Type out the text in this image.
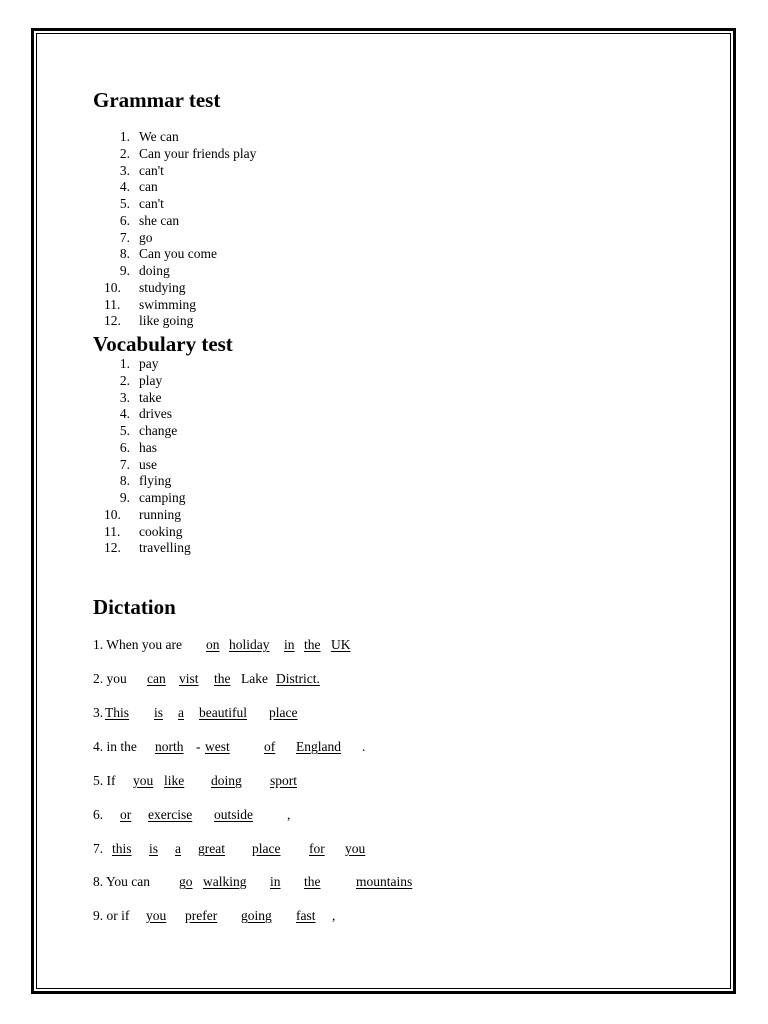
Grammar test
1. We can
2. Can your friends play
3. can't
4. can
5. can't
6. she can
7. go
8. Can you come
9. doing
10.	studying
11.	swimming
12.	like going
Vocabulary test
1. pay
2. play
3. take
4. drives
5. change
6. has
7. use
8. flying
9. camping
10.	running
11.	cooking
12.	travelling
Dictation
1. When you are on holiday in the UK
2. you can vist the Lake District.
3. This is a beautiful place
4. in the north - west	of England .
5. If you like doing sport
6. or exercise outside	,
7. this is a great place for you
8. You can go walking in the	mountains
9. or if you prefer going fast ,
